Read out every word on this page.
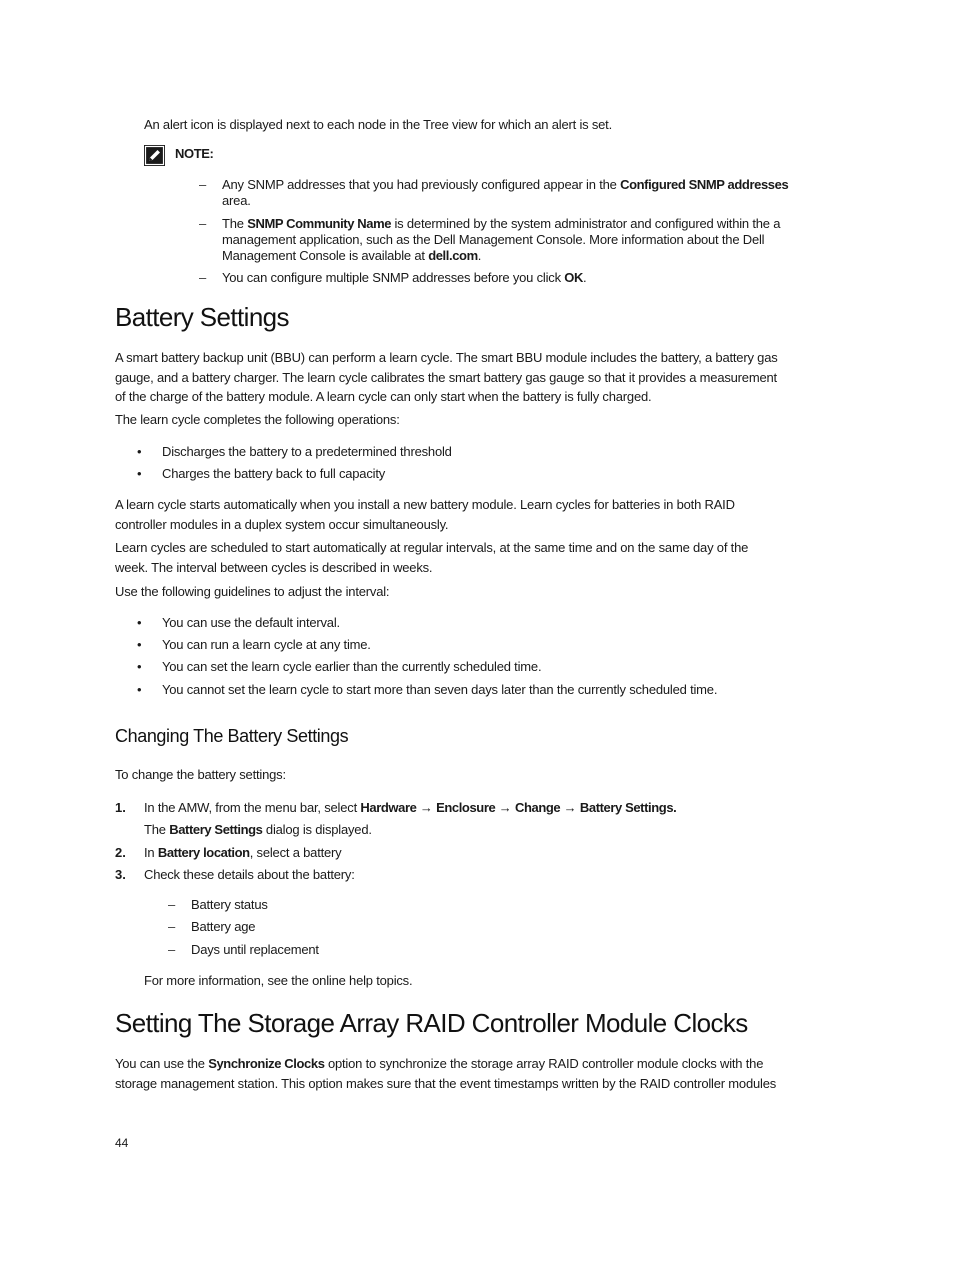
An alert icon is displayed next to each node in the Tree view for which an alert is set.
NOTE:
– Any SNMP addresses that you had previously configured appear in the Configured SNMP addresses
area.
– The SNMP Community Name is determined by the system administrator and configured within the a
management application, such as the Dell Management Console. More information about the Dell
Management Console is available at dell.com.
– You can configure multiple SNMP addresses before you click OK.
Battery Settings
A smart battery backup unit (BBU) can perform a learn cycle. The smart BBU module includes the battery, a battery gas
gauge, and a battery charger. The learn cycle calibrates the smart battery gas gauge so that it provides a measurement
of the charge of the battery module. A learn cycle can only start when the battery is fully charged.
The learn cycle completes the following operations:
• Discharges the battery to a predetermined threshold
• Charges the battery back to full capacity
A learn cycle starts automatically when you install a new battery module. Learn cycles for batteries in both RAID
controller modules in a duplex system occur simultaneously.
Learn cycles are scheduled to start automatically at regular intervals, at the same time and on the same day of the
week. The interval between cycles is described in weeks.
Use the following guidelines to adjust the interval:
• You can use the default interval.
• You can run a learn cycle at any time.
• You can set the learn cycle earlier than the currently scheduled time.
• You cannot set the learn cycle to start more than seven days later than the currently scheduled time.
Changing The Battery Settings
To change the battery settings:
1. In the AMW, from the menu bar, select Hardware → Enclosure → Change → Battery Settings.
The Battery Settings dialog is displayed.
2. In Battery location, select a battery
3. Check these details about the battery:
– Battery status
– Battery age
– Days until replacement
For more information, see the online help topics.
Setting The Storage Array RAID Controller Module Clocks
You can use the Synchronize Clocks option to synchronize the storage array RAID controller module clocks with the
storage management station. This option makes sure that the event timestamps written by the RAID controller modules
44
